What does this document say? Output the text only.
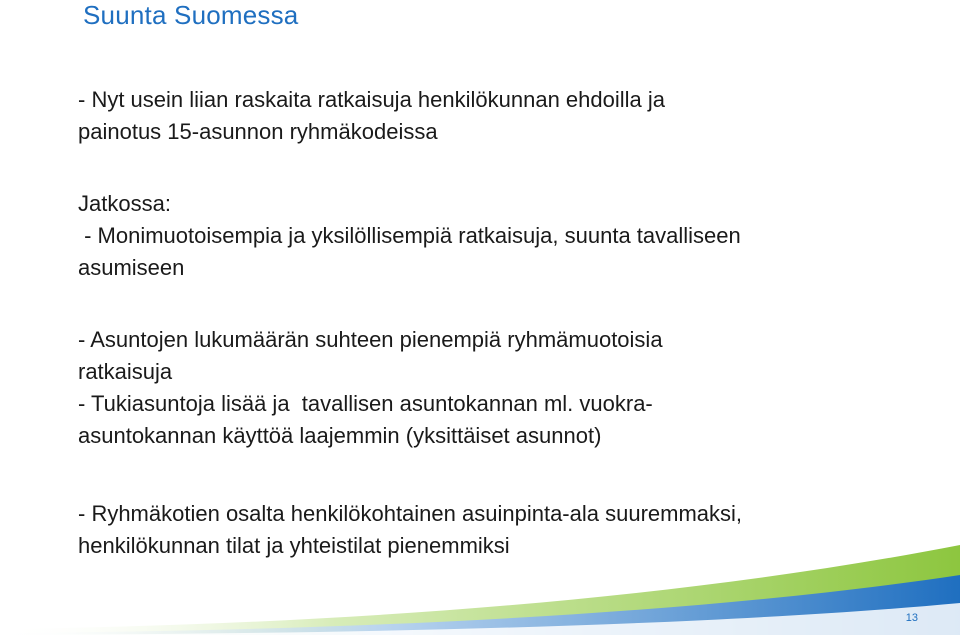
Suunta Suomessa
- Nyt usein liian raskaita ratkaisuja henkilökunnan ehdoilla ja
painotus 15-asunnon ryhmäkodeissa
Jatkossa:
- Monimuotoisempia ja yksilöllisempiä ratkaisuja, suunta tavalliseen
asumiseen
- Asuntojen lukumäärän suhteen pienempiä ryhmämuotoisia
ratkaisuja
- Tukiasuntoja lisää ja  tavallisen asuntokannan ml. vuokra-
asuntokannan käyttöä laajemmin (yksittäiset asunnot)
- Ryhmäkotien osalta henkilökohtainen asuinpinta-ala suuremmaksi,
henkilökunnan tilat ja yhteistilat pienemmiksi
13
